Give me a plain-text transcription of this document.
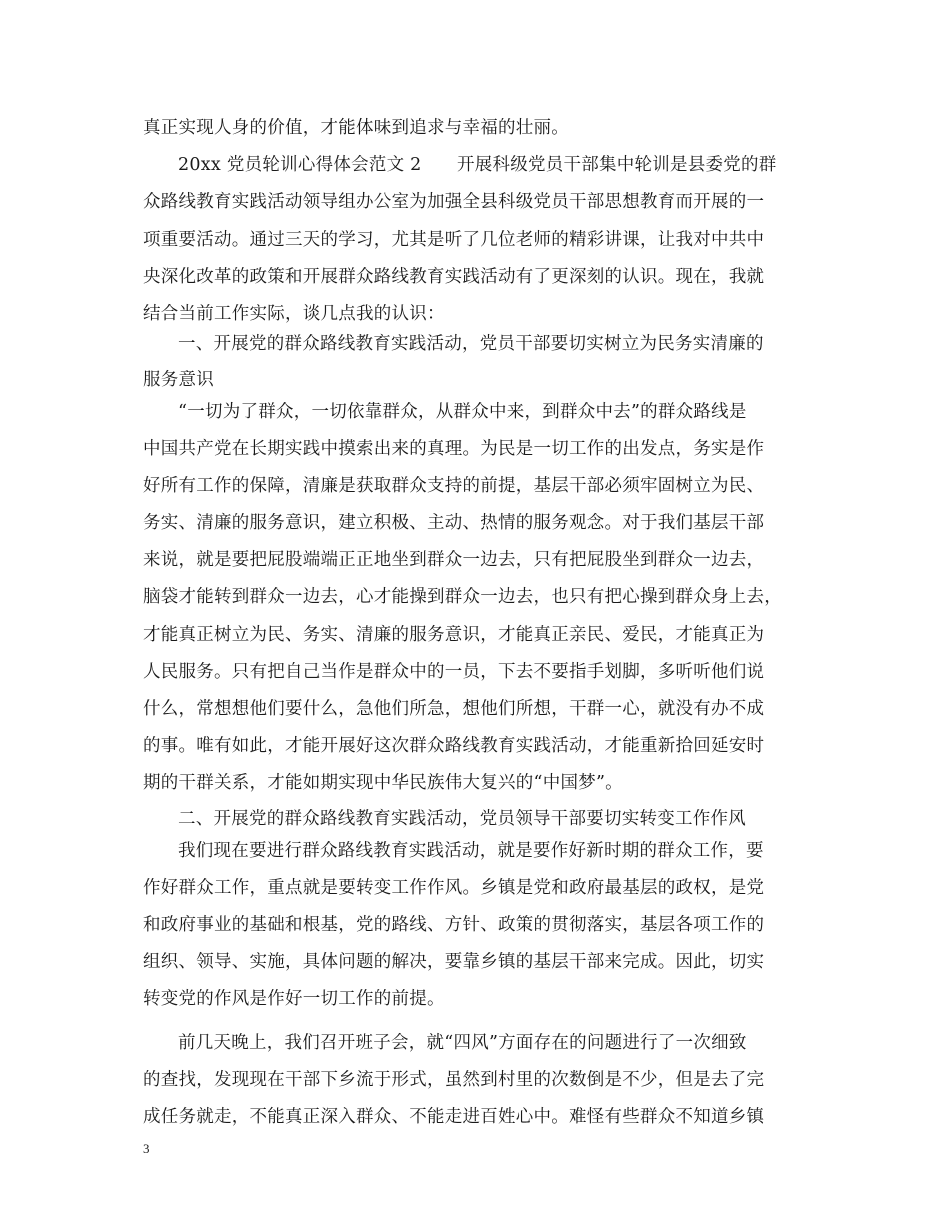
真正实现人身的价值，才能体味到追求与幸福的壮丽。
20xx 党员轮训心得体会范文 2　　开展科级党员干部集中轮训是县委党的群
众路线教育实践活动领导组办公室为加强全县科级党员干部思想教育而开展的一
项重要活动。通过三天的学习，尤其是听了几位老师的精彩讲课，让我对中共中
央深化改革的政策和开展群众路线教育实践活动有了更深刻的认识。现在，我就
结合当前工作实际，谈几点我的认识：
一、开展党的群众路线教育实践活动，党员干部要切实树立为民务实清廉的
服务意识
“一切为了群众，一切依靠群众，从群众中来，到群众中去”的群众路线是
中国共产党在长期实践中摸索出来的真理。为民是一切工作的出发点，务实是作
好所有工作的保障，清廉是获取群众支持的前提，基层干部必须牢固树立为民、
务实、清廉的服务意识，建立积极、主动、热情的服务观念。对于我们基层干部
来说，就是要把屁股端端正正地坐到群众一边去，只有把屁股坐到群众一边去，
脑袋才能转到群众一边去，心才能操到群众一边去，也只有把心操到群众身上去，
才能真正树立为民、务实、清廉的服务意识，才能真正亲民、爱民，才能真正为
人民服务。只有把自己当作是群众中的一员，下去不要指手划脚，多听听他们说
什么，常想想他们要什么，急他们所急，想他们所想，干群一心，就没有办不成
的事。唯有如此，才能开展好这次群众路线教育实践活动，才能重新拾回延安时
期的干群关系，才能如期实现中华民族伟大复兴的“中国梦”。
二、开展党的群众路线教育实践活动，党员领导干部要切实转变工作作风
我们现在要进行群众路线教育实践活动，就是要作好新时期的群众工作，要
作好群众工作，重点就是要转变工作作风。乡镇是党和政府最基层的政权，是党
和政府事业的基础和根基，党的路线、方针、政策的贯彻落实，基层各项工作的
组织、领导、实施，具体问题的解决，要靠乡镇的基层干部来完成。因此，切实
转变党的作风是作好一切工作的前提。
前几天晚上，我们召开班子会，就“四风”方面存在的问题进行了一次细致
的查找，发现现在干部下乡流于形式，虽然到村里的次数倒是不少，但是去了完
成任务就走，不能真正深入群众、不能走进百姓心中。难怪有些群众不知道乡镇
3
